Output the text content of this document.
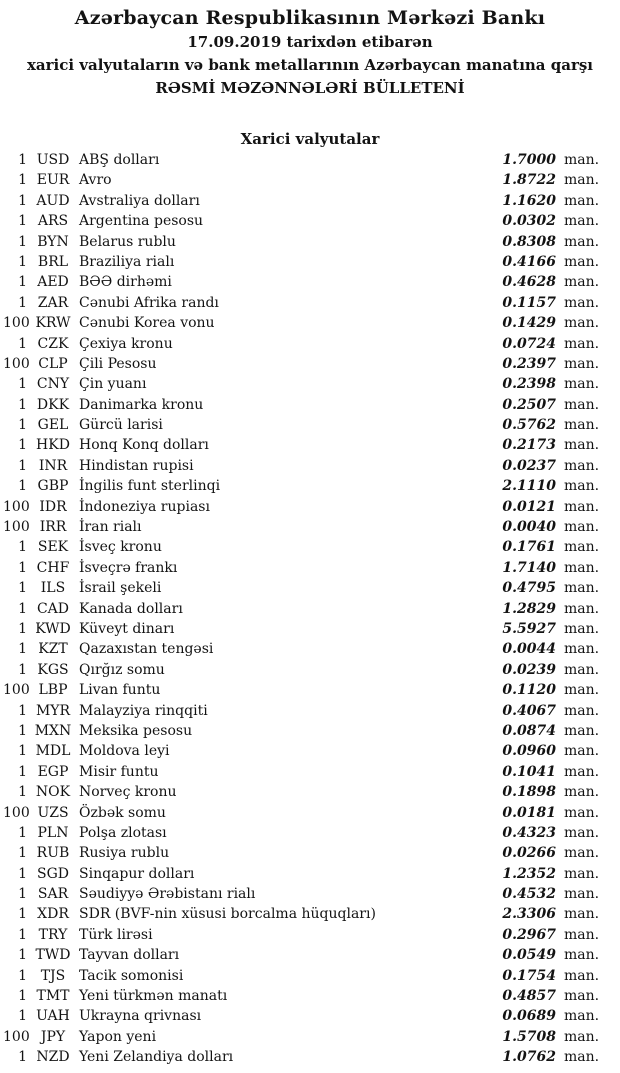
Azərbaycan Respublikasının Mərkəzi Bankı
17.09.2019 tarixdən etibarən
xarici valyutaların və bank metallarının Azərbaycan manatına qarşı
RƏSMİ MƏZƏNNƏLƏRİ BÜLLETENİ
Xarici valyutalar
1 USD ABŞ dolları	1.7000 man.
1 EUR Avro	1.8722 man.
1 AUD Avstraliya dolları	1.1620 man.
1 ARS Argentina pesosu	0.0302 man.
1 BYN Belarus rublu	0.8308 man.
1 BRL Braziliya rialı	0.4166 man.
1 AED BƏƏ dirhəmi	0.4628 man.
1 ZAR Cənubi Afrika randı	0.1157 man.
100 KRW Cənubi Korea vonu	0.1429 man.
1 CZK Çexiya kronu	0.0724 man.
100 CLP Çili Pesosu	0.2397 man.
1 CNY Çin yuanı	0.2398 man.
1 DKK Danimarka kronu	0.2507 man.
1 GEL Gürcü larisi	0.5762 man.
1 HKD Honq Konq dolları	0.2173 man.
1 INR Hindistan rupisi	0.0237 man.
1 GBP İngilis funt sterlinqi	2.1110 man.
100 IDR İndoneziya rupiası	0.0121 man.
100 IRR İran rialı	0.0040 man.
1 SEK İsveç kronu	0.1761 man.
1 CHF İsveçrə frankı	1.7140 man.
1 ILS İsrail şekeli	0.4795 man.
1 CAD Kanada dolları	1.2829 man.
1 KWD Küveyt dinarı	5.5927 man.
1 KZT Qazaxıstan tengəsi	0.0044 man.
1 KGS Qırğız somu	0.0239 man.
100 LBP Livan funtu	0.1120 man.
1 MYR Malayziya rinqqiti	0.4067 man.
1 MXN Meksika pesosu	0.0874 man.
1 MDL Moldova leyi	0.0960 man.
1 EGP Misir funtu	0.1041 man.
1 NOK Norveç kronu	0.1898 man.
100 UZS Özbək somu	0.0181 man.
1 PLN Polşa zlotası	0.4323 man.
1 RUB Rusiya rublu	0.0266 man.
1 SGD Sinqapur dolları	1.2352 man.
1 SAR Səudiyyə Ərəbistanı rialı	0.4532 man.
1 XDR SDR (BVF-nin xüsusi borcalma hüquqları)	2.3306 man.
1 TRY Türk lirəsi	0.2967 man.
1 TWD Tayvan dolları	0.0549 man.
1 TJS Tacik somonisi	0.1754 man.
1 TMT Yeni türkmən manatı	0.4857 man.
1 UAH Ukrayna qrivnası	0.0689 man.
100 JPY Yapon yeni	1.5708 man.
1 NZD Yeni Zelandiya dolları	1.0762 man.
